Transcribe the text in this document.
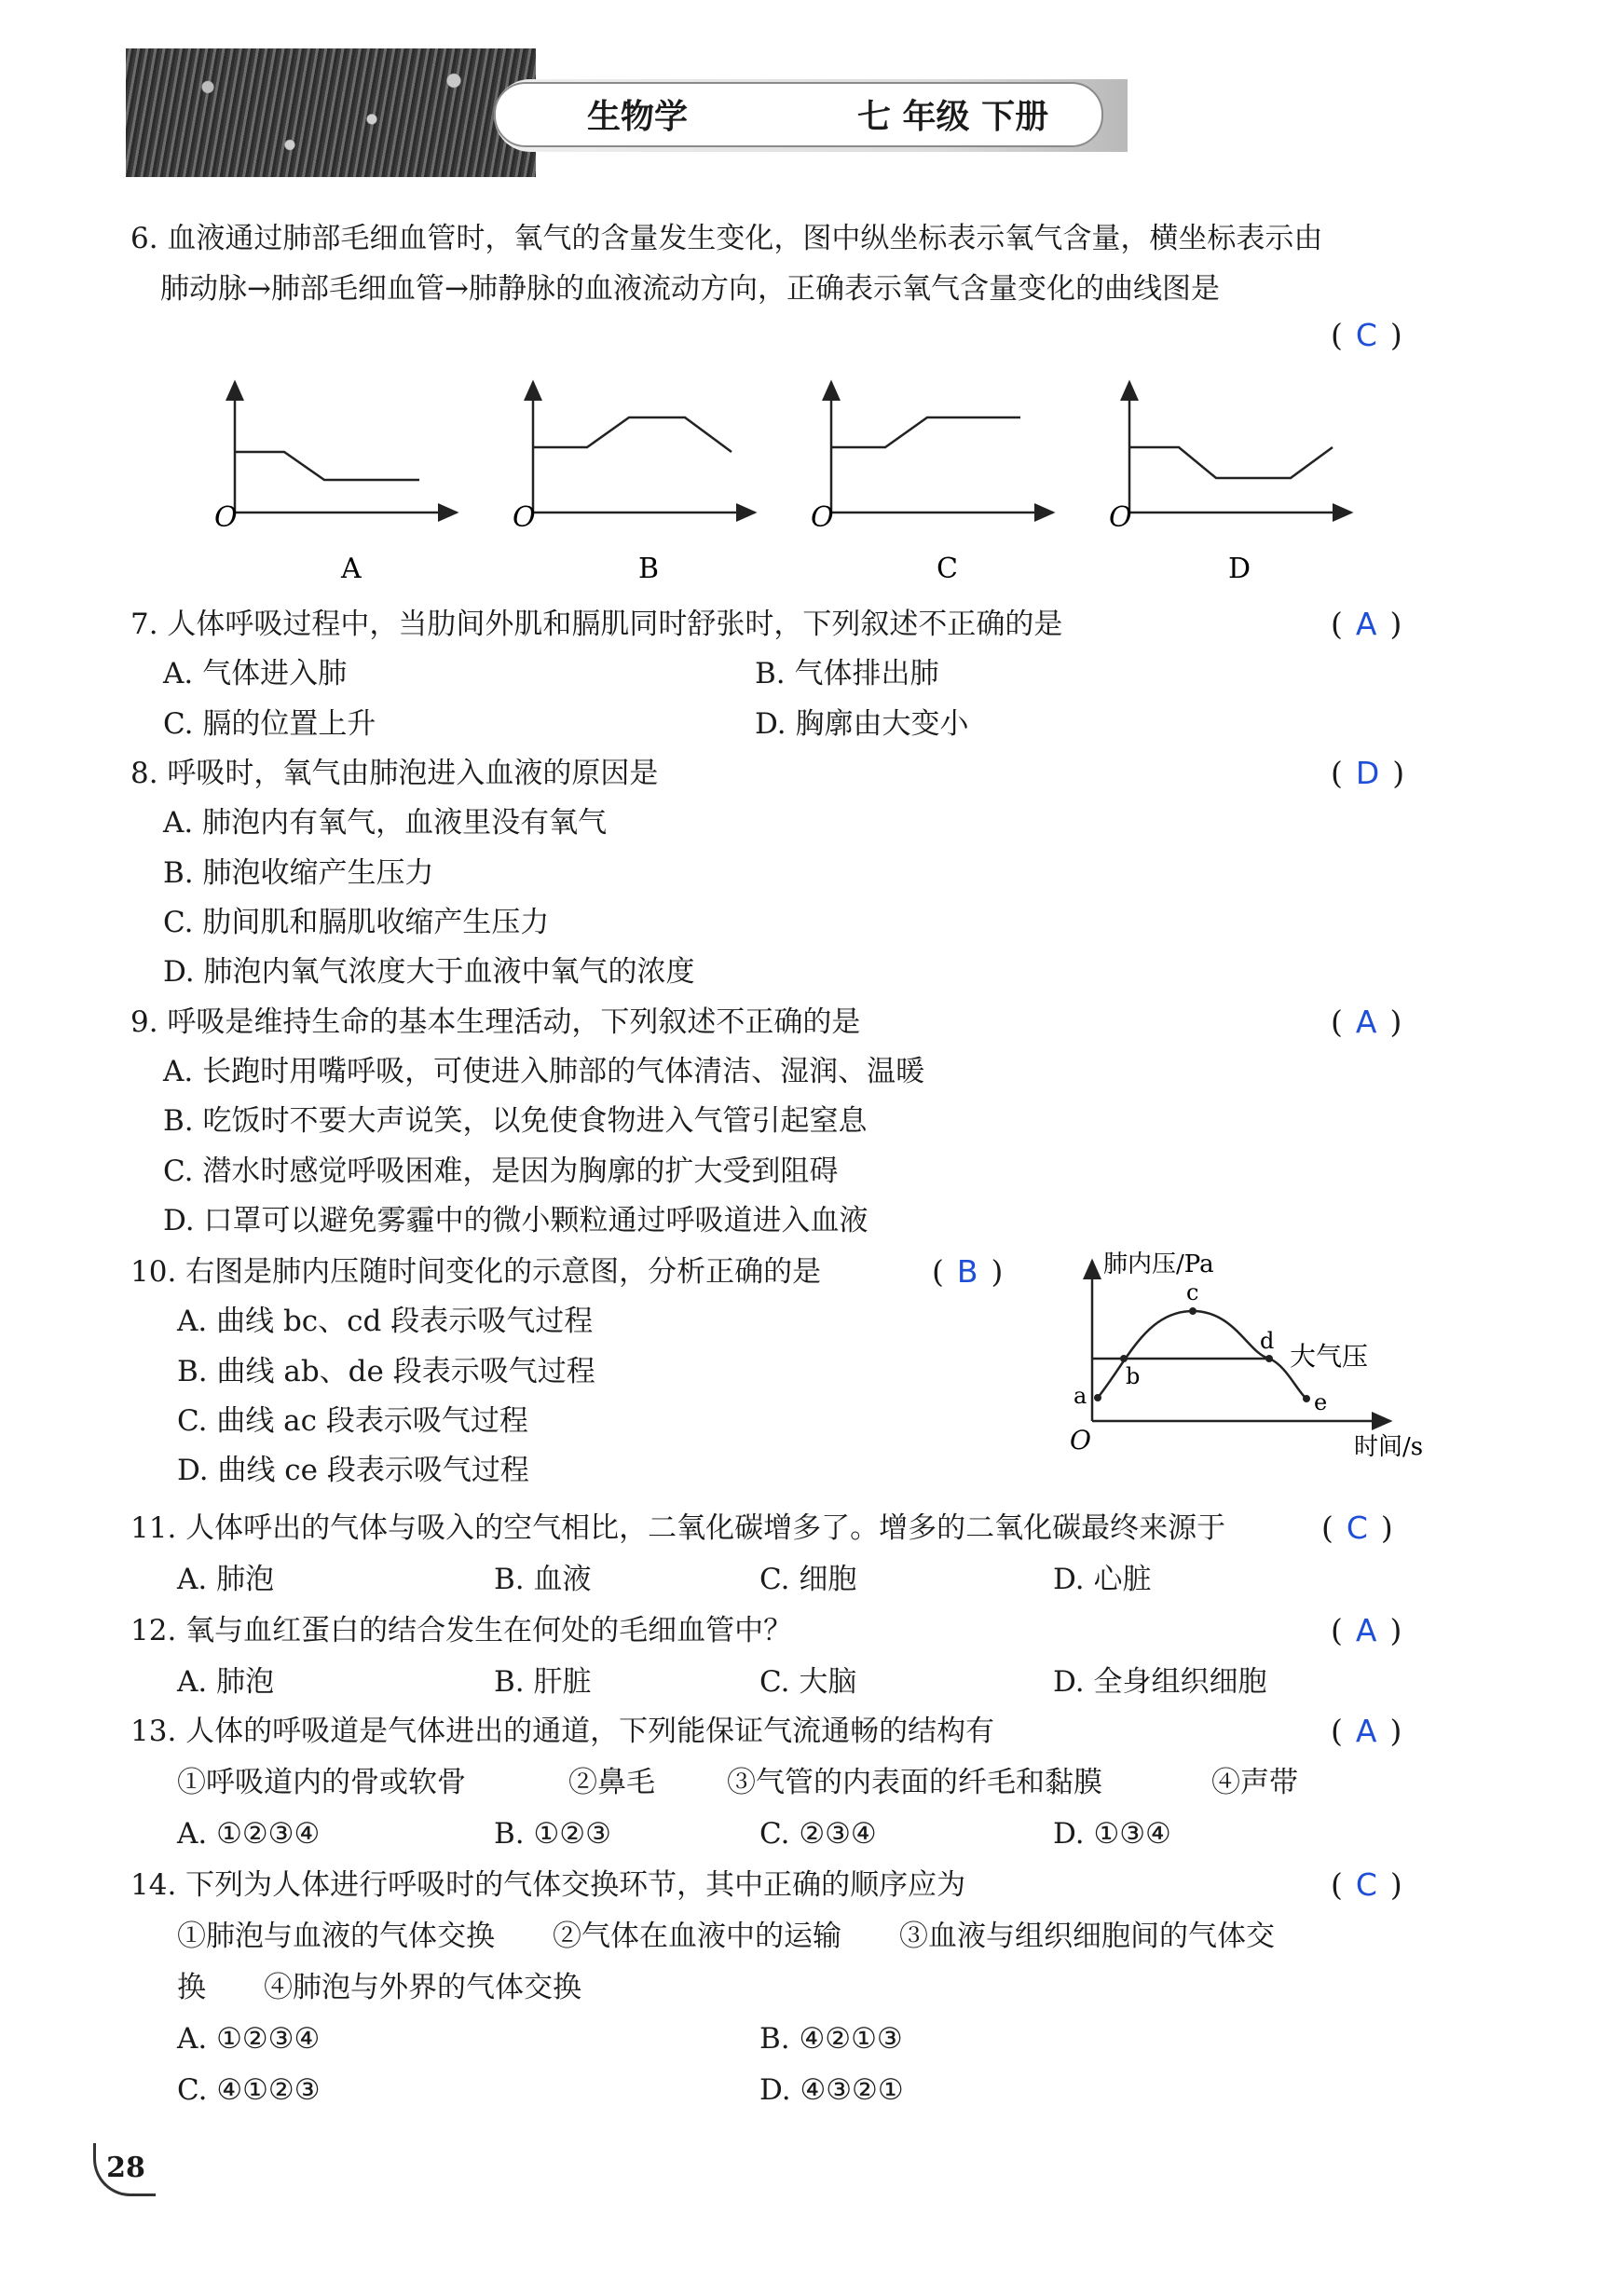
生物学	七 年级 下册
6. 血液通过肺部毛细血管时，氧气的含量发生变化，图中纵坐标表示氧气含量，横坐标表示由
肺动脉→肺部毛细血管→肺静脉的血液流动方向，正确表示氧气含量变化的曲线图是
( C )
O
A
O
B
O
C
O
D
7. 人体呼吸过程中，当肋间外肌和膈肌同时舒张时，下列叙述不正确的是	( A )
A. 气体进入肺	B. 气体排出肺
C. 膈的位置上升	D. 胸廓由大变小
8. 呼吸时，氧气由肺泡进入血液的原因是	( D )
A. 肺泡内有氧气，血液里没有氧气
B. 肺泡收缩产生压力
C. 肋间肌和膈肌收缩产生压力
D. 肺泡内氧气浓度大于血液中氧气的浓度
9. 呼吸是维持生命的基本生理活动，下列叙述不正确的是	( A )
A. 长跑时用嘴呼吸，可使进入肺部的气体清洁、湿润、温暖
B. 吃饭时不要大声说笑，以免使食物进入气管引起窒息
C. 潜水时感觉呼吸困难，是因为胸廓的扩大受到阻碍
D. 口罩可以避免雾霾中的微小颗粒通过呼吸道进入血液
10. 右图是肺内压随时间变化的示意图，分析正确的是	( B )
A. 曲线 bc、cd 段表示吸气过程
B. 曲线 ab、de 段表示吸气过程
C. 曲线 ac 段表示吸气过程
D. 曲线 ce 段表示吸气过程
肺内压/Pa
时间/s
大气压
O
a
b
c
d
e
11. 人体呼出的气体与吸入的空气相比，二氧化碳增多了。增多的二氧化碳最终来源于	( C )
A. 肺泡	B. 血液	C. 细胞	D. 心脏
12. 氧与血红蛋白的结合发生在何处的毛细血管中？	( A )
A. 肺泡	B. 肝脏	C. 大脑	D. 全身组织细胞
13. 人体的呼吸道是气体进出的通道，下列能保证气流通畅的结构有	( A )
①呼吸道内的骨或软骨	②鼻毛 ③气管的内表面的纤毛和黏膜	④声带
A. ①②③④	B. ①②③	C. ②③④	D. ①③④
14. 下列为人体进行呼吸时的气体交换环节，其中正确的顺序应为	( C )
①肺泡与血液的气体交换　　②气体在血液中的运输　　③血液与组织细胞间的气体交
换　　④肺泡与外界的气体交换
A. ①②③④	B. ④②①③
C. ④①②③	D. ④③②①
28
